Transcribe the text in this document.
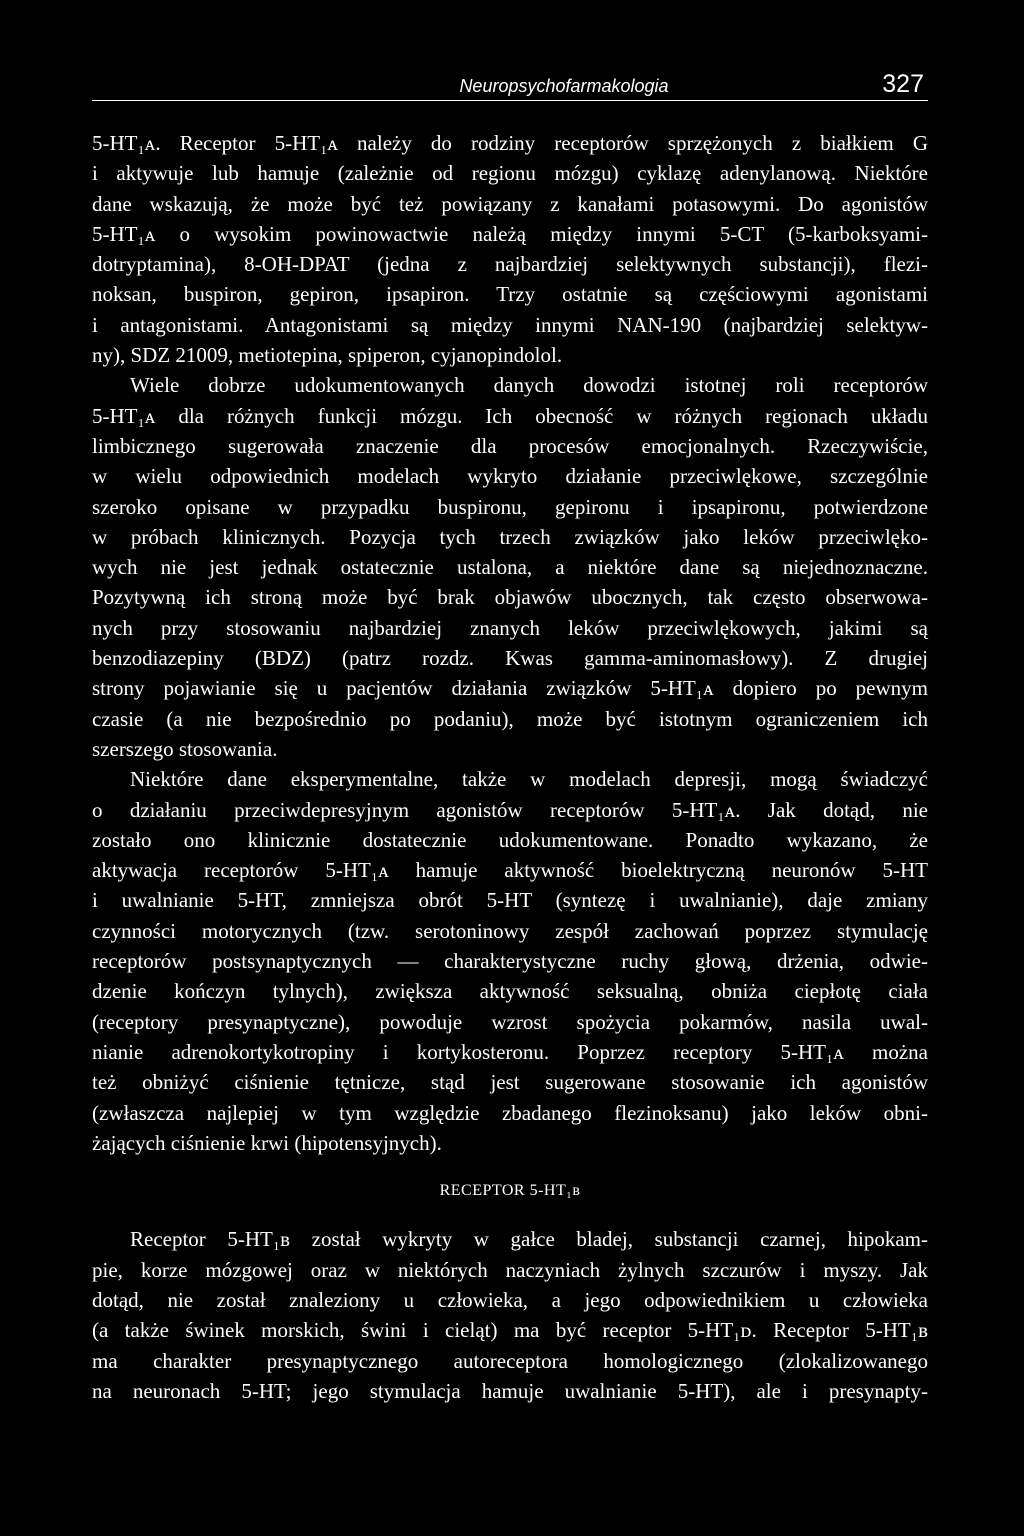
Neuropsychofarmakologia	327
5-HT₁ᴀ. Receptor 5-HT₁ᴀ należy do rodziny receptorów sprzężonych z białkiem G
i aktywuje lub hamuje (zależnie od regionu mózgu) cyklazę adenylanową. Niektóre
dane wskazują, że może być też powiązany z kanałami potasowymi. Do agonistów
5-HT₁ᴀ o wysokim powinowactwie należą między innymi 5-CT (5-karboksyami-
dotryptamina), 8-OH-DPAT (jedna z najbardziej selektywnych substancji), flezi-
noksan, buspiron, gepiron, ipsapiron. Trzy ostatnie są częściowymi agonistami
i antagonistami. Antagonistami są między innymi NAN-190 (najbardziej selektyw-
ny), SDZ 21009, metiotepina, spiperon, cyjanopindolol.
Wiele dobrze udokumentowanych danych dowodzi istotnej roli receptorów
5-HT₁ᴀ dla różnych funkcji mózgu. Ich obecność w różnych regionach układu
limbicznego sugerowała znaczenie dla procesów emocjonalnych. Rzeczywiście,
w wielu odpowiednich modelach wykryto działanie przeciwlękowe, szczególnie
szeroko opisane w przypadku buspironu, gepironu i ipsapironu, potwierdzone
w próbach klinicznych. Pozycja tych trzech związków jako leków przeciwlęko-
wych nie jest jednak ostatecznie ustalona, a niektóre dane są niejednoznaczne.
Pozytywną ich stroną może być brak objawów ubocznych, tak często obserwowa-
nych przy stosowaniu najbardziej znanych leków przeciwlękowych, jakimi są
benzodiazepiny (BDZ) (patrz rozdz. Kwas gamma-aminomasłowy). Z drugiej
strony pojawianie się u pacjentów działania związków 5-HT₁ᴀ dopiero po pewnym
czasie (a nie bezpośrednio po podaniu), może być istotnym ograniczeniem ich
szerszego stosowania.
Niektóre dane eksperymentalne, także w modelach depresji, mogą świadczyć
o działaniu przeciwdepresyjnym agonistów receptorów 5-HT₁ᴀ. Jak dotąd, nie
zostało ono klinicznie dostatecznie udokumentowane. Ponadto wykazano, że
aktywacja receptorów 5-HT₁ᴀ hamuje aktywność bioelektryczną neuronów 5-HT
i uwalnianie 5-HT, zmniejsza obrót 5-HT (syntezę i uwalnianie), daje zmiany
czynności motorycznych (tzw. serotoninowy zespół zachowań poprzez stymulację
receptorów postsynaptycznych — charakterystyczne ruchy głową, drżenia, odwie-
dzenie kończyn tylnych), zwiększa aktywność seksualną, obniża ciepłotę ciała
(receptory presynaptyczne), powoduje wzrost spożycia pokarmów, nasila uwal-
nianie adrenokortykotropiny i kortykosteronu. Poprzez receptory 5-HT₁ᴀ można
też obniżyć ciśnienie tętnicze, stąd jest sugerowane stosowanie ich agonistów
(zwłaszcza najlepiej w tym względzie zbadanego flezinoksanu) jako leków obni-
żających ciśnienie krwi (hipotensyjnych).
RECEPTOR 5-HT₁ʙ
Receptor 5-HT₁ʙ został wykryty w gałce bladej, substancji czarnej, hipokam-
pie, korze mózgowej oraz w niektórych naczyniach żylnych szczurów i myszy. Jak
dotąd, nie został znaleziony u człowieka, a jego odpowiednikiem u człowieka
(a także świnek morskich, świni i cieląt) ma być receptor 5-HT₁ᴅ. Receptor 5-HT₁ʙ
ma charakter presynaptycznego autoreceptora homologicznego (zlokalizowanego
na neuronach 5-HT; jego stymulacja hamuje uwalnianie 5-HT), ale i presynapty-
